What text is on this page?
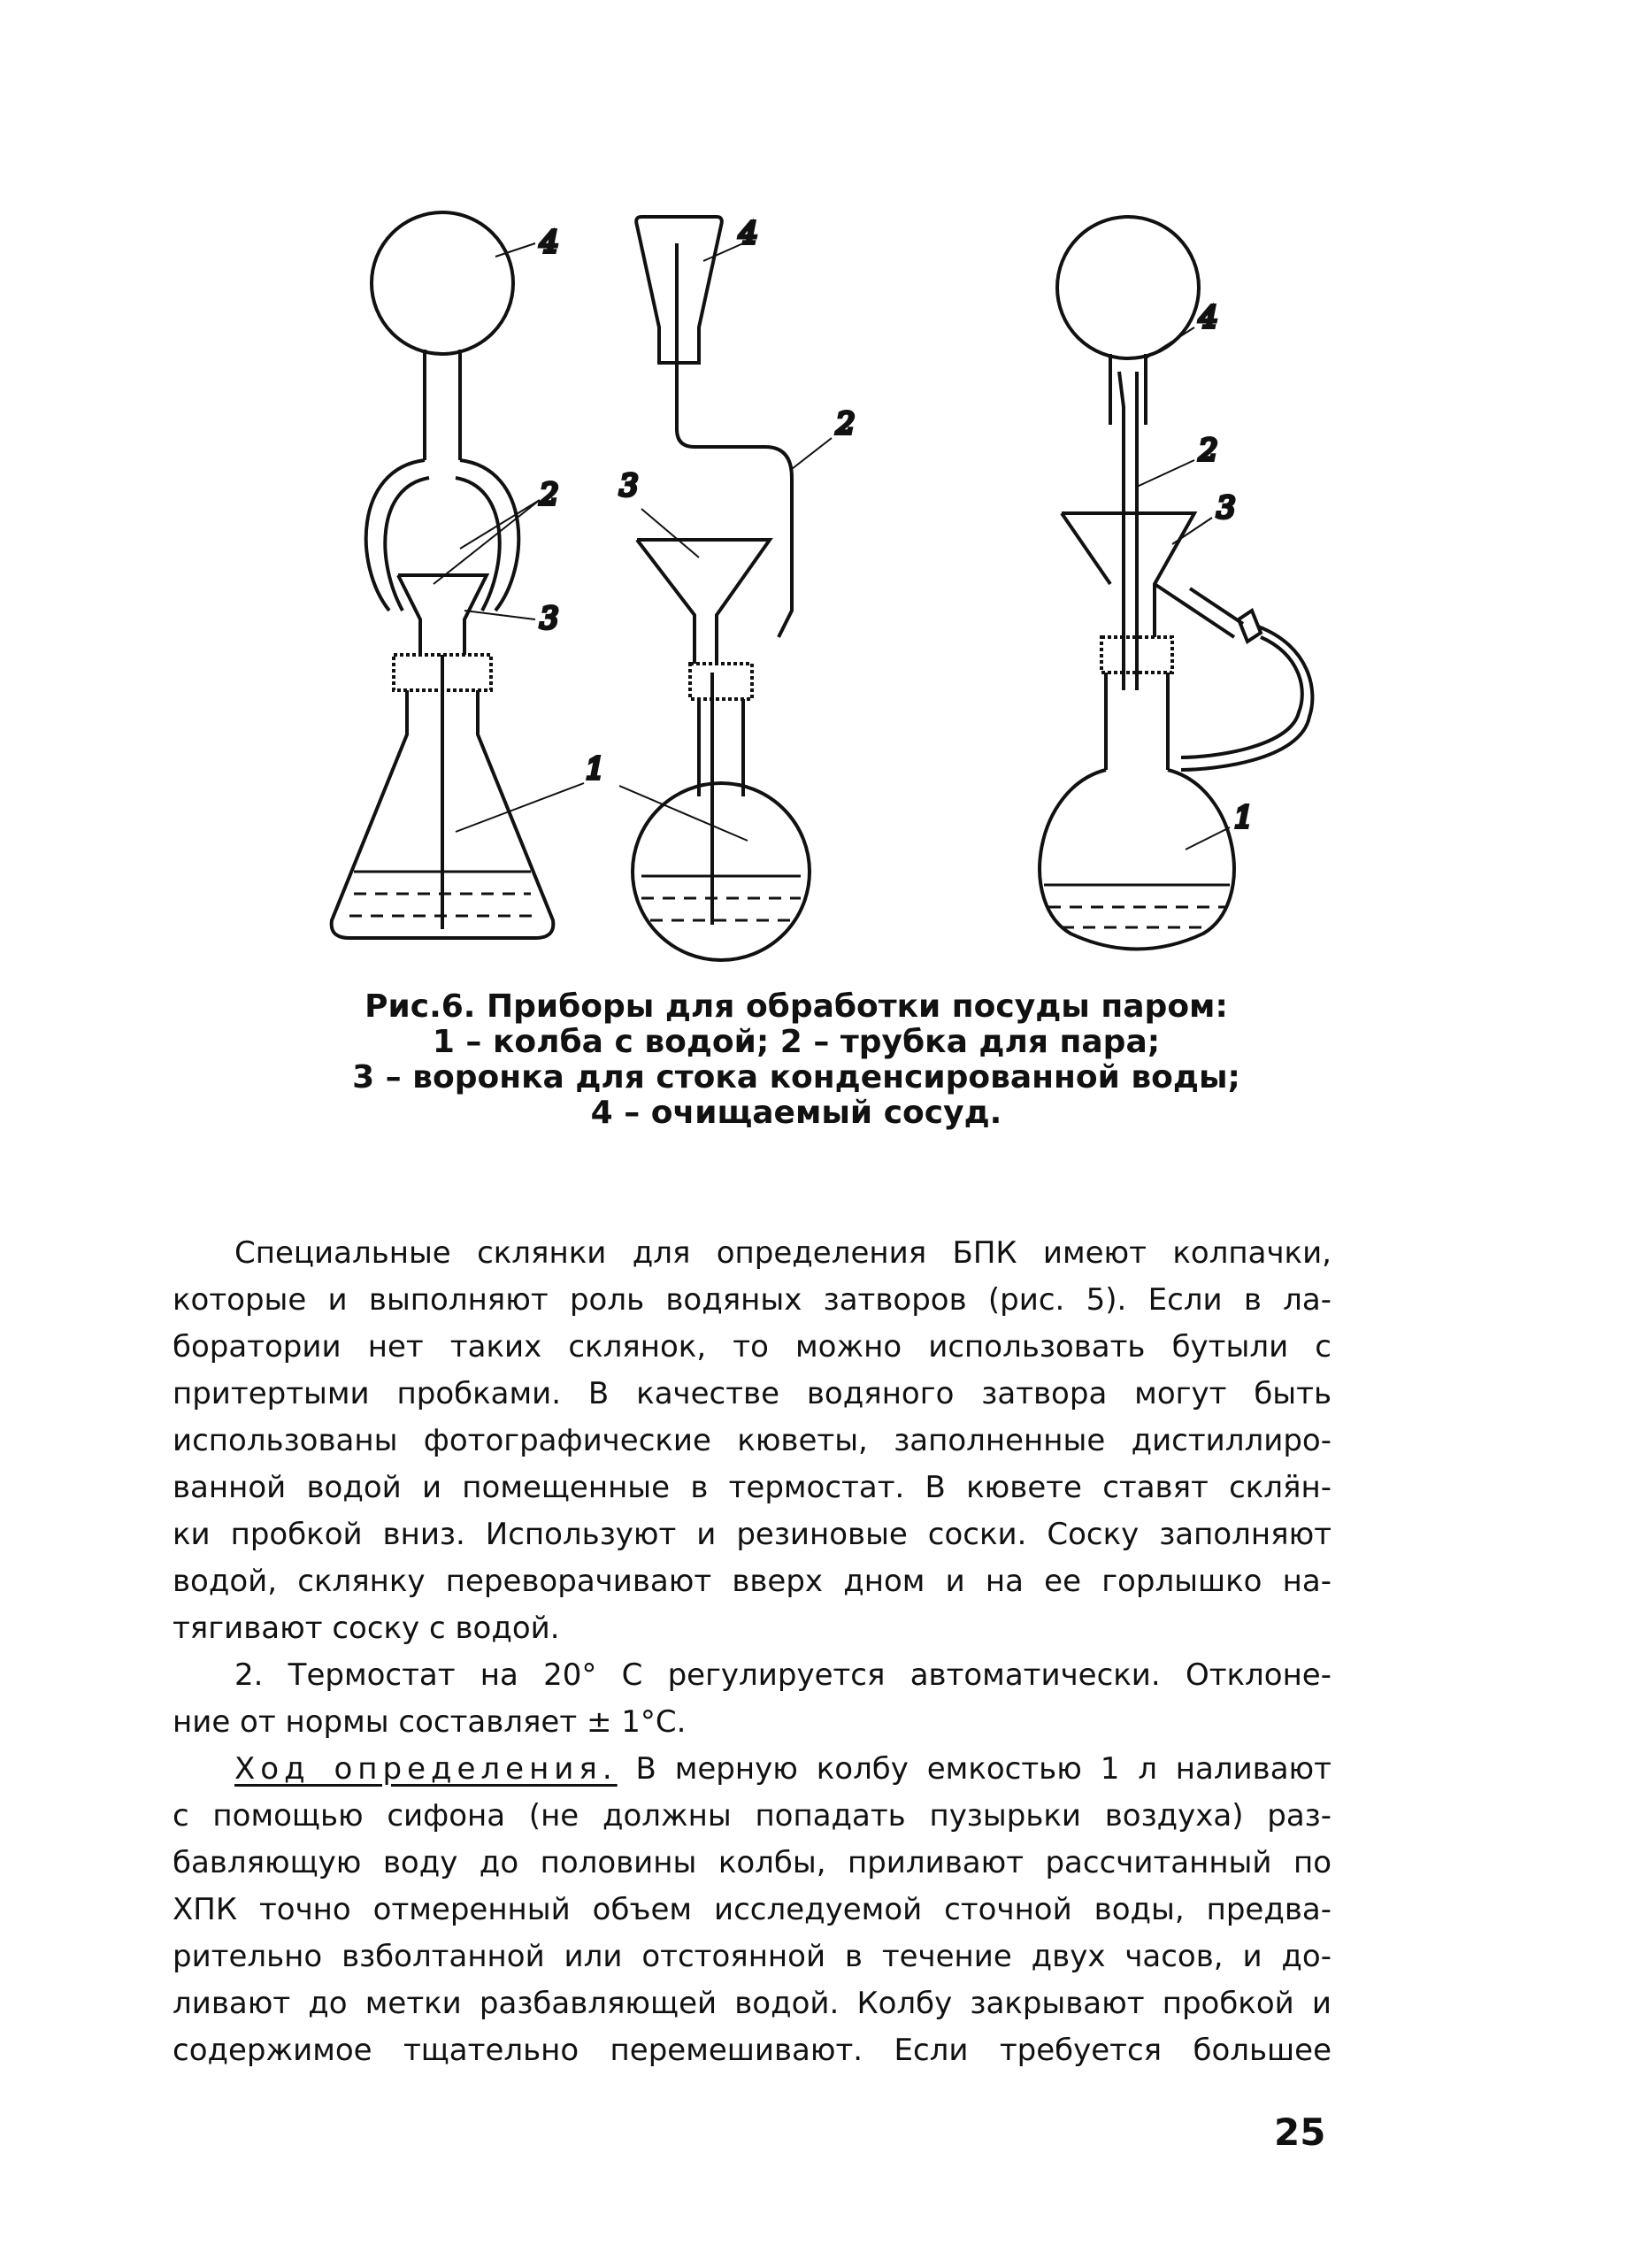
4
2
3
4
2
3
1
4
2
3
1
Рис.6. Приборы для обработки посуды паром:
1 – колба с водой; 2 – трубка для пара;
3 – воронка для стока конденсированной воды;
4 – очищаемый сосуд.

Специальные склянки для определения БПК имеют колпачки,
которые и выполняют роль водяных затворов (рис. 5). Если в ла-
боратории нет таких склянок, то можно использовать бутыли с
притертыми пробками. В качестве водяного затвора могут быть
использованы фотографические кюветы, заполненные дистиллиро-
ванной водой и помещенные в термостат. В кювете ставят скля̈н-
ки пробкой вниз. Используют и резиновые соски. Соску заполняют
водой, склянку переворачивают вверх дном и на ее горлышко на-
тягивают соску с водой.

2. Термостат на 20° С регулируется автоматически. Отклоне-
ние от нормы составляет ± 1°С.

Ход определения. В мерную колбу емкостью 1 л наливают
с помощью сифона (не должны попадать пузырьки воздуха) раз-
бавляющую воду до половины колбы, приливают рассчитанный по
ХПК точно отмеренный объем исследуемой сточной воды, предва-
рительно взболтанной или отстоянной в течение двух часов, и до-
ливают до метки разбавляющей водой. Колбу закрывают пробкой и
содержимое тщательно перемешивают. Если требуется большее

25
